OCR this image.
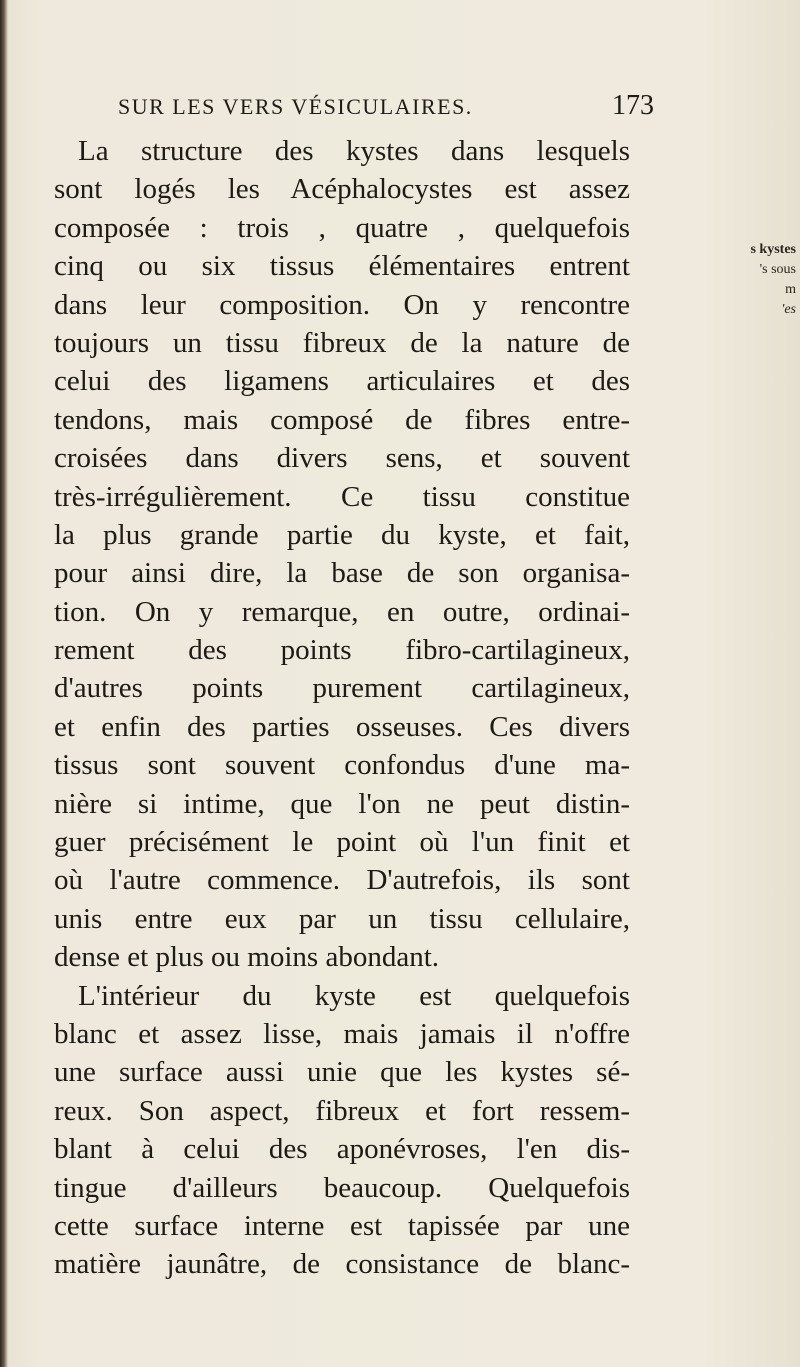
SUR LES VERS VÉSICULAIRES.	173
La structure des kystes dans lesquels
sont logés les Acéphalocystes est assez
composée : trois , quatre , quelquefois
cinq ou six tissus élémentaires entrent
dans leur composition. On y rencontre
toujours un tissu fibreux de la nature de
celui des ligamens articulaires et des
tendons, mais composé de fibres entre-
croisées dans divers sens, et souvent
très-irrégulièrement. Ce tissu constitue
la plus grande partie du kyste, et fait,
pour ainsi dire, la base de son organisa-
tion. On y remarque, en outre, ordinai-
rement des points fibro-cartilagineux,
d'autres points purement cartilagineux,
et enfin des parties osseuses. Ces divers
tissus sont souvent confondus d'une ma-
nière si intime, que l'on ne peut distin-
guer précisément le point où l'un finit et
où l'autre commence. D'autrefois, ils sont
unis entre eux par un tissu cellulaire,
dense et plus ou moins abondant.
L'intérieur du kyste est quelquefois
blanc et assez lisse, mais jamais il n'offre
une surface aussi unie que les kystes sé-
reux. Son aspect, fibreux et fort ressem-
blant à celui des aponévroses, l'en dis-
tingue d'ailleurs beaucoup. Quelquefois
cette surface interne est tapissée par une
matière jaunâtre, de consistance de blanc-
s kystes
's sous
m
'es
